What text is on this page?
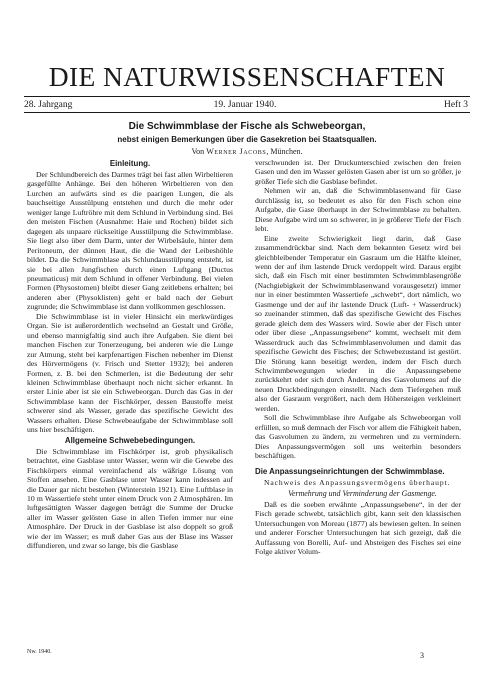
DIE NATURWISSENSCHAFTEN
28. Jahrgang	19. Januar 1940.	Heft 3
Die Schwimmblase der Fische als Schwebeorgan,
nebst einigen Bemerkungen über die Gasekretion bei Staatsquallen.
Von Werner Jacobs, München.
Einleitung.

Der Schlundbereich des Darmes trägt bei fast allen Wirbeltieren gasgefüllte Anhänge. Bei den höheren Wirbeltieren von den Lurchen an aufwärts sind es die paarigen Lungen, die als bauchseitige Ausstülpung entstehen und durch die mehr oder weniger lange Luftröhre mit dem Schlund in Verbindung sind. Bei den meisten Fischen (Ausnahme: Haie und Rochen) bildet sich dagegen als unpaare rückseitige Ausstülpung die Schwimmblase. Sie liegt also über dem Darm, unter der Wirbelsäule, hinter dem Peritoneum, der dünnen Haut, die die Wand der Leibeshöhle bildet. Da die Schwimmblase als Schlundausstülpung entsteht, ist sie bei allen Jungfischen durch einen Luftgang (Ductus pneumaticus) mit dem Schlund in offener Verbindung. Bei vielen Formen (Physostomen) bleibt dieser Gang zeitlebens erhalten; bei anderen aber (Physoklisten) geht er bald nach der Geburt zugrunde; die Schwimmblase ist dann vollkommen geschlossen.

Die Schwimmblase ist in vieler Hinsicht ein merkwürdiges Organ. Sie ist außerordentlich wechselnd an Gestalt und Größe, und ebenso mannigfaltig sind auch ihre Aufgaben. Sie dient bei manchen Fischen zur Tonerzeugung, bei anderen wie die Lunge zur Atmung, steht bei karpfenartigen Fischen nebenher im Dienst des Hörvermögens (v. Frisch und Stetter 1932); bei anderen Formen, z. B. bei den Schmerlen, ist die Bedeutung der sehr kleinen Schwimmblase überhaupt noch nicht sicher erkannt. In erster Linie aber ist sie ein Schwebeorgan. Durch das Gas in der Schwimmblase kann der Fischkörper, dessen Baustoffe meist schwerer sind als Wasser, gerade das spezifische Gewicht des Wassers erhalten. Diese Schwebeaufgabe der Schwimmblase soll uns hier beschäftigen.

Allgemeine Schwebebedingungen.

Die Schwimmblase im Fischkörper ist, grob physikalisch betrachtet, eine Gasblase unter Wasser, wenn wir die Gewebe des Fischkörpers einmal vereinfachend als wäßrige Lösung von Stoffen ansehen. Eine Gasblase unter Wasser kann indessen auf die Dauer gar nicht bestehen (Winterstein 1921). Eine Luftblase in 10 m Wassertiefe steht unter einem Druck von 2 Atmosphären. Im luftgesättigten Wasser dagegen beträgt die Summe der Drucke aller im Wasser gelösten Gase in allen Tiefen immer nur eine Atmosphäre. Der Druck in der Gasblase ist also doppelt so groß wie der im Wasser; es muß daher Gas aus der Blase ins Wasser diffundieren, und zwar so lange, bis die Gasblase

verschwunden ist. Der Druckunterschied zwischen den freien Gasen und den im Wasser gelösten Gasen aber ist um so größer, je größer Tiefe sich die Gasblase befindet.

Nehmen wir an, daß die Schwimmblasenwand für Gase durchlässig ist, so bedeutet es also für den Fisch schon eine Aufgabe, die Gase überhaupt in der Schwimmblase zu behalten. Diese Aufgabe wird um so schwerer, in je größerer Tiefe der Fisch lebt.

Eine zweite Schwierigkeit liegt darin, daß Gase zusammendrückbar sind. Nach dem bekannten Gesetz wird bei gleichbleibender Temperatur ein Gasraum um die Hälfte kleiner, wenn der auf ihm lastende Druck verdoppelt wird. Daraus ergibt sich, daß ein Fisch mit einer bestimmten Schwimmblasengröße (Nachgiebigkeit der Schwimmblasenwand vorausgesetzt) immer nur in einer bestimmten Wassertiefe „schwebt“, dort nämlich, wo Gasmenge und der auf ihr lastende Druck (Luft- + Wasserdruck) so zueinander stimmen, daß das spezifische Gewicht des Fisches gerade gleich dem des Wassers wird. Sowie aber der Fisch unter oder über diese „Anpassungsebene“ kommt, wechselt mit dem Wasserdruck auch das Schwimmblasenvolumen und damit das spezifische Gewicht des Fisches; der Schwebezustand ist gestört. Die Störung kann beseitigt werden, indem der Fisch durch Schwimmbewegungen wieder in die Anpassungsebene zurückkehrt oder sich durch Änderung des Gasvolumens auf die neuen Druckbedingungen einstellt. Nach dem Tiefergehen muß also der Gasraum vergrößert, nach dem Höhersteigen verkleinert werden.

Soll die Schwimmblase ihre Aufgabe als Schwebeorgan voll erfüllen, so muß demnach der Fisch vor allem die Fähigkeit haben, das Gasvolumen zu ändern, zu vermehren und zu vermindern. Dies Anpassungsvermögen soll uns weiterhin besonders beschäftigen.

Die Anpassungseinrichtungen der Schwimmblase.

Nachweis des Anpassungsvermögens überhaupt.

Vermehrung und Verminderung der Gasmenge.

Daß es die soeben erwähnte „Anpassungsebene“, in der der Fisch gerade schwebt, tatsächlich gibt, kann seit den klassischen Untersuchungen von Moreau (1877) als bewiesen gelten. In seinen und anderer Forscher Untersuchungen hat sich gezeigt, daß die Auffassung von Borelli, Auf- und Absteigen des Fisches sei eine Folge aktiver Volum-

Nw. 1940.	3
